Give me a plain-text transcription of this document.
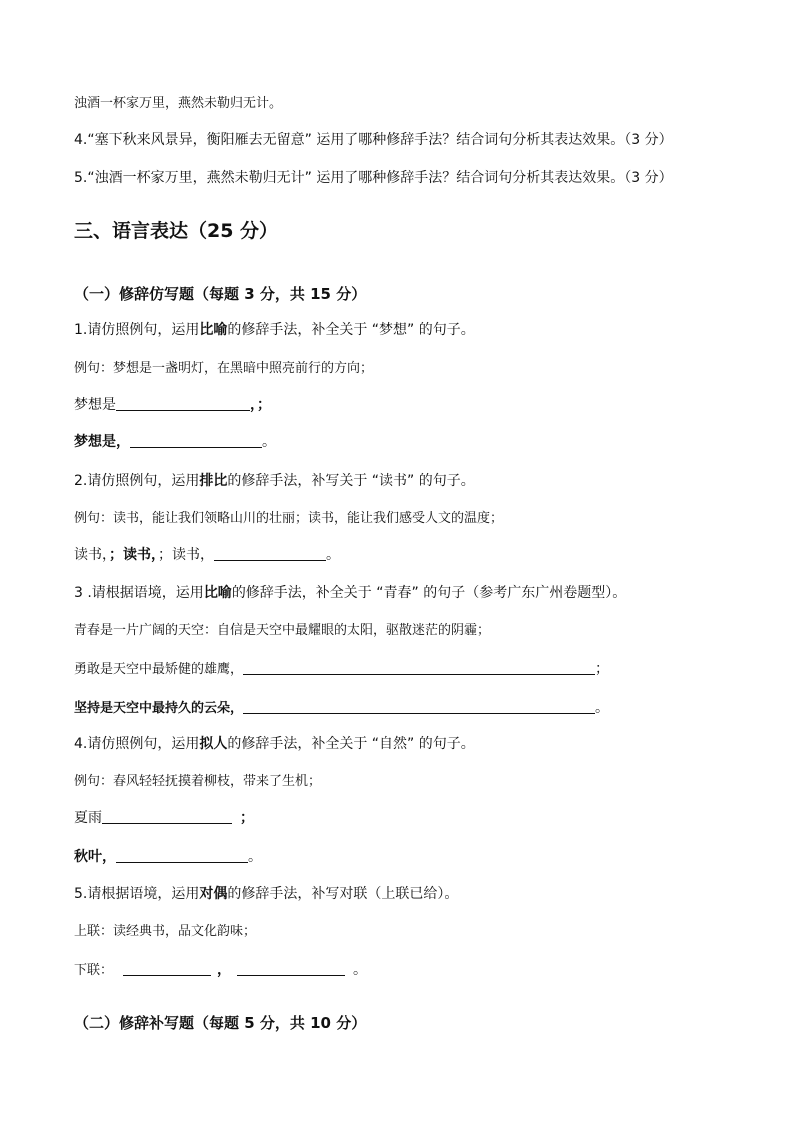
浊酒一杯家万里，燕然未勒归无计。
4.“塞下秋来风景异，衡阳雁去无留意” 运用了哪种修辞手法？结合词句分析其表达效果。（3 分）
5.“浊酒一杯家万里，燕然未勒归无计” 运用了哪种修辞手法？结合词句分析其表达效果。（3 分）
三、语言表达（25 分）
（一）修辞仿写题（每题 3 分，共 15 分）
1.请仿照例句，运用比喻的修辞手法，补全关于 “梦想” 的句子。
例句：梦想是一盏明灯，在黑暗中照亮前行的方向；
梦想是	，；
梦想是，	。
2.请仿照例句，运用排比的修辞手法，补写关于 “读书” 的句子。
例句：读书，能让我们领略山川的壮丽；读书，能让我们感受人文的温度；
读书，；读书，；读书，	。
3 .请根据语境，运用比喻的修辞手法，补全关于 “青春” 的句子（参考广东广州卷题型）。
青春是一片广阔的天空：自信是天空中最耀眼的太阳，驱散迷茫的阴霾；
勇敢是天空中最矫健的雄鹰，	；
坚持是天空中最持久的云朵，	。
4.请仿照例句，运用拟人的修辞手法，补全关于 “自然” 的句子。
例句：春风轻轻抚摸着柳枝，带来了生机；
夏雨	；
秋叶，	。
5.请根据语境，运用对偶的修辞手法，补写对联（上联已给）。
上联：读经典书，品文化韵味；
下联：	，	。
（二）修辞补写题（每题 5 分，共 10 分）
